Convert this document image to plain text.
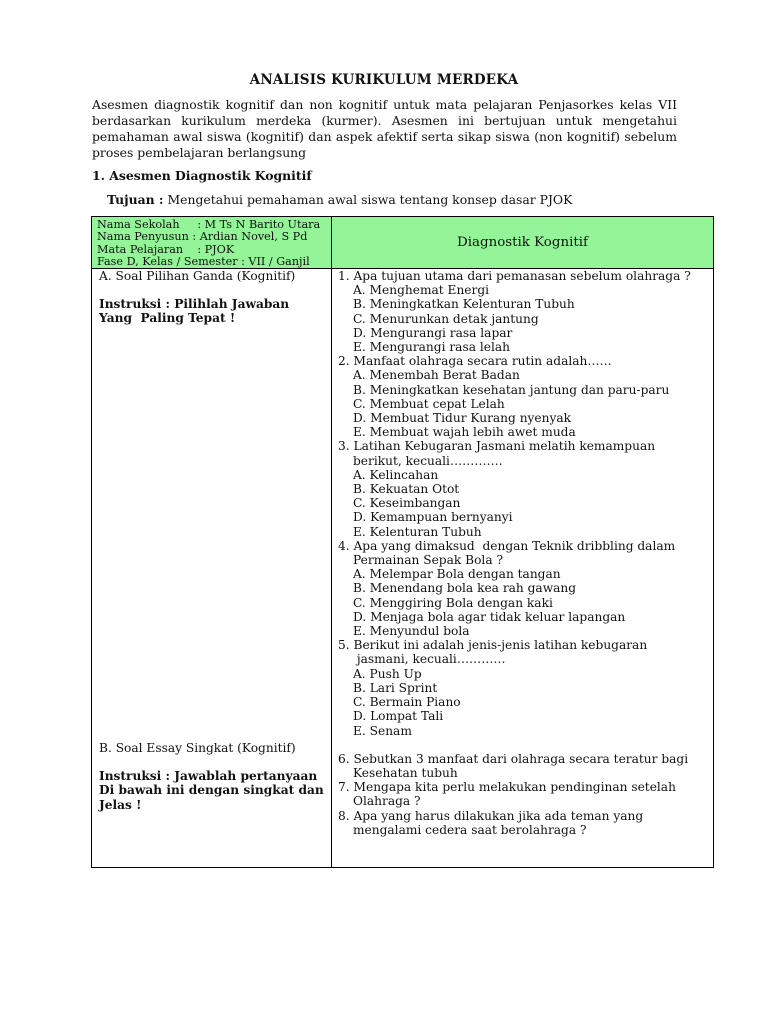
ANALISIS KURIKULUM MERDEKA
Asesmen diagnostik kognitif dan non kognitif untuk mata pelajaran Penjasorkes kelas VII berdasarkan kurikulum merdeka (kurmer). Asesmen ini bertujuan untuk mengetahui pemahaman awal siswa (kognitif) dan aspek afektif serta sikap siswa (non kognitif) sebelum proses pembelajaran berlangsung
1. Asesmen Diagnostik Kognitif
Tujuan : Mengetahui pemahaman awal siswa tentang konsep dasar PJOK
Nama Sekolah     : M Ts N Barito Utara
Nama Penyusun : Ardian Novel, S Pd
Mata Pelajaran    : PJOK
Fase D, Kelas / Semester : VII / Ganjil
Diagnostik Kognitif
A. Soal Pilihan Ganda (Kognitif)
Instruksi : Pilihlah Jawaban
Yang  Paling Tepat !
B. Soal Essay Singkat (Kognitif)
Instruksi : Jawablah pertanyaan
Di bawah ini dengan singkat dan
Jelas !
1. Apa tujuan utama dari pemanasan sebelum olahraga ?
A. Menghemat Energi
B. Meningkatkan Kelenturan Tubuh
C. Menurunkan detak jantung
D. Mengurangi rasa lapar
E. Mengurangi rasa lelah
2. Manfaat olahraga secara rutin adalah……
A. Menembah Berat Badan
B. Meningkatkan kesehatan jantung dan paru-paru
C. Membuat cepat Lelah
D. Membuat Tidur Kurang nyenyak
E. Membuat wajah lebih awet muda
3. Latihan Kebugaran Jasmani melatih kemampuan
berikut, kecuali………….
A. Kelincahan
B. Kekuatan Otot
C. Keseimbangan
D. Kemampuan bernyanyi
E. Kelenturan Tubuh
4. Apa yang dimaksud  dengan Teknik dribbling dalam
Permainan Sepak Bola ?
A. Melempar Bola dengan tangan
B. Menendang bola kea rah gawang
C. Menggiring Bola dengan kaki
D. Menjaga bola agar tidak keluar lapangan
E. Menyundul bola
5. Berikut ini adalah jenis-jenis latihan kebugaran
jasmani, kecuali…………
A. Push Up
B. Lari Sprint
C. Bermain Piano
D. Lompat Tali
E. Senam
6. Sebutkan 3 manfaat dari olahraga secara teratur bagi
Kesehatan tubuh
7. Mengapa kita perlu melakukan pendinginan setelah
Olahraga ?
8. Apa yang harus dilakukan jika ada teman yang
mengalami cedera saat berolahraga ?
